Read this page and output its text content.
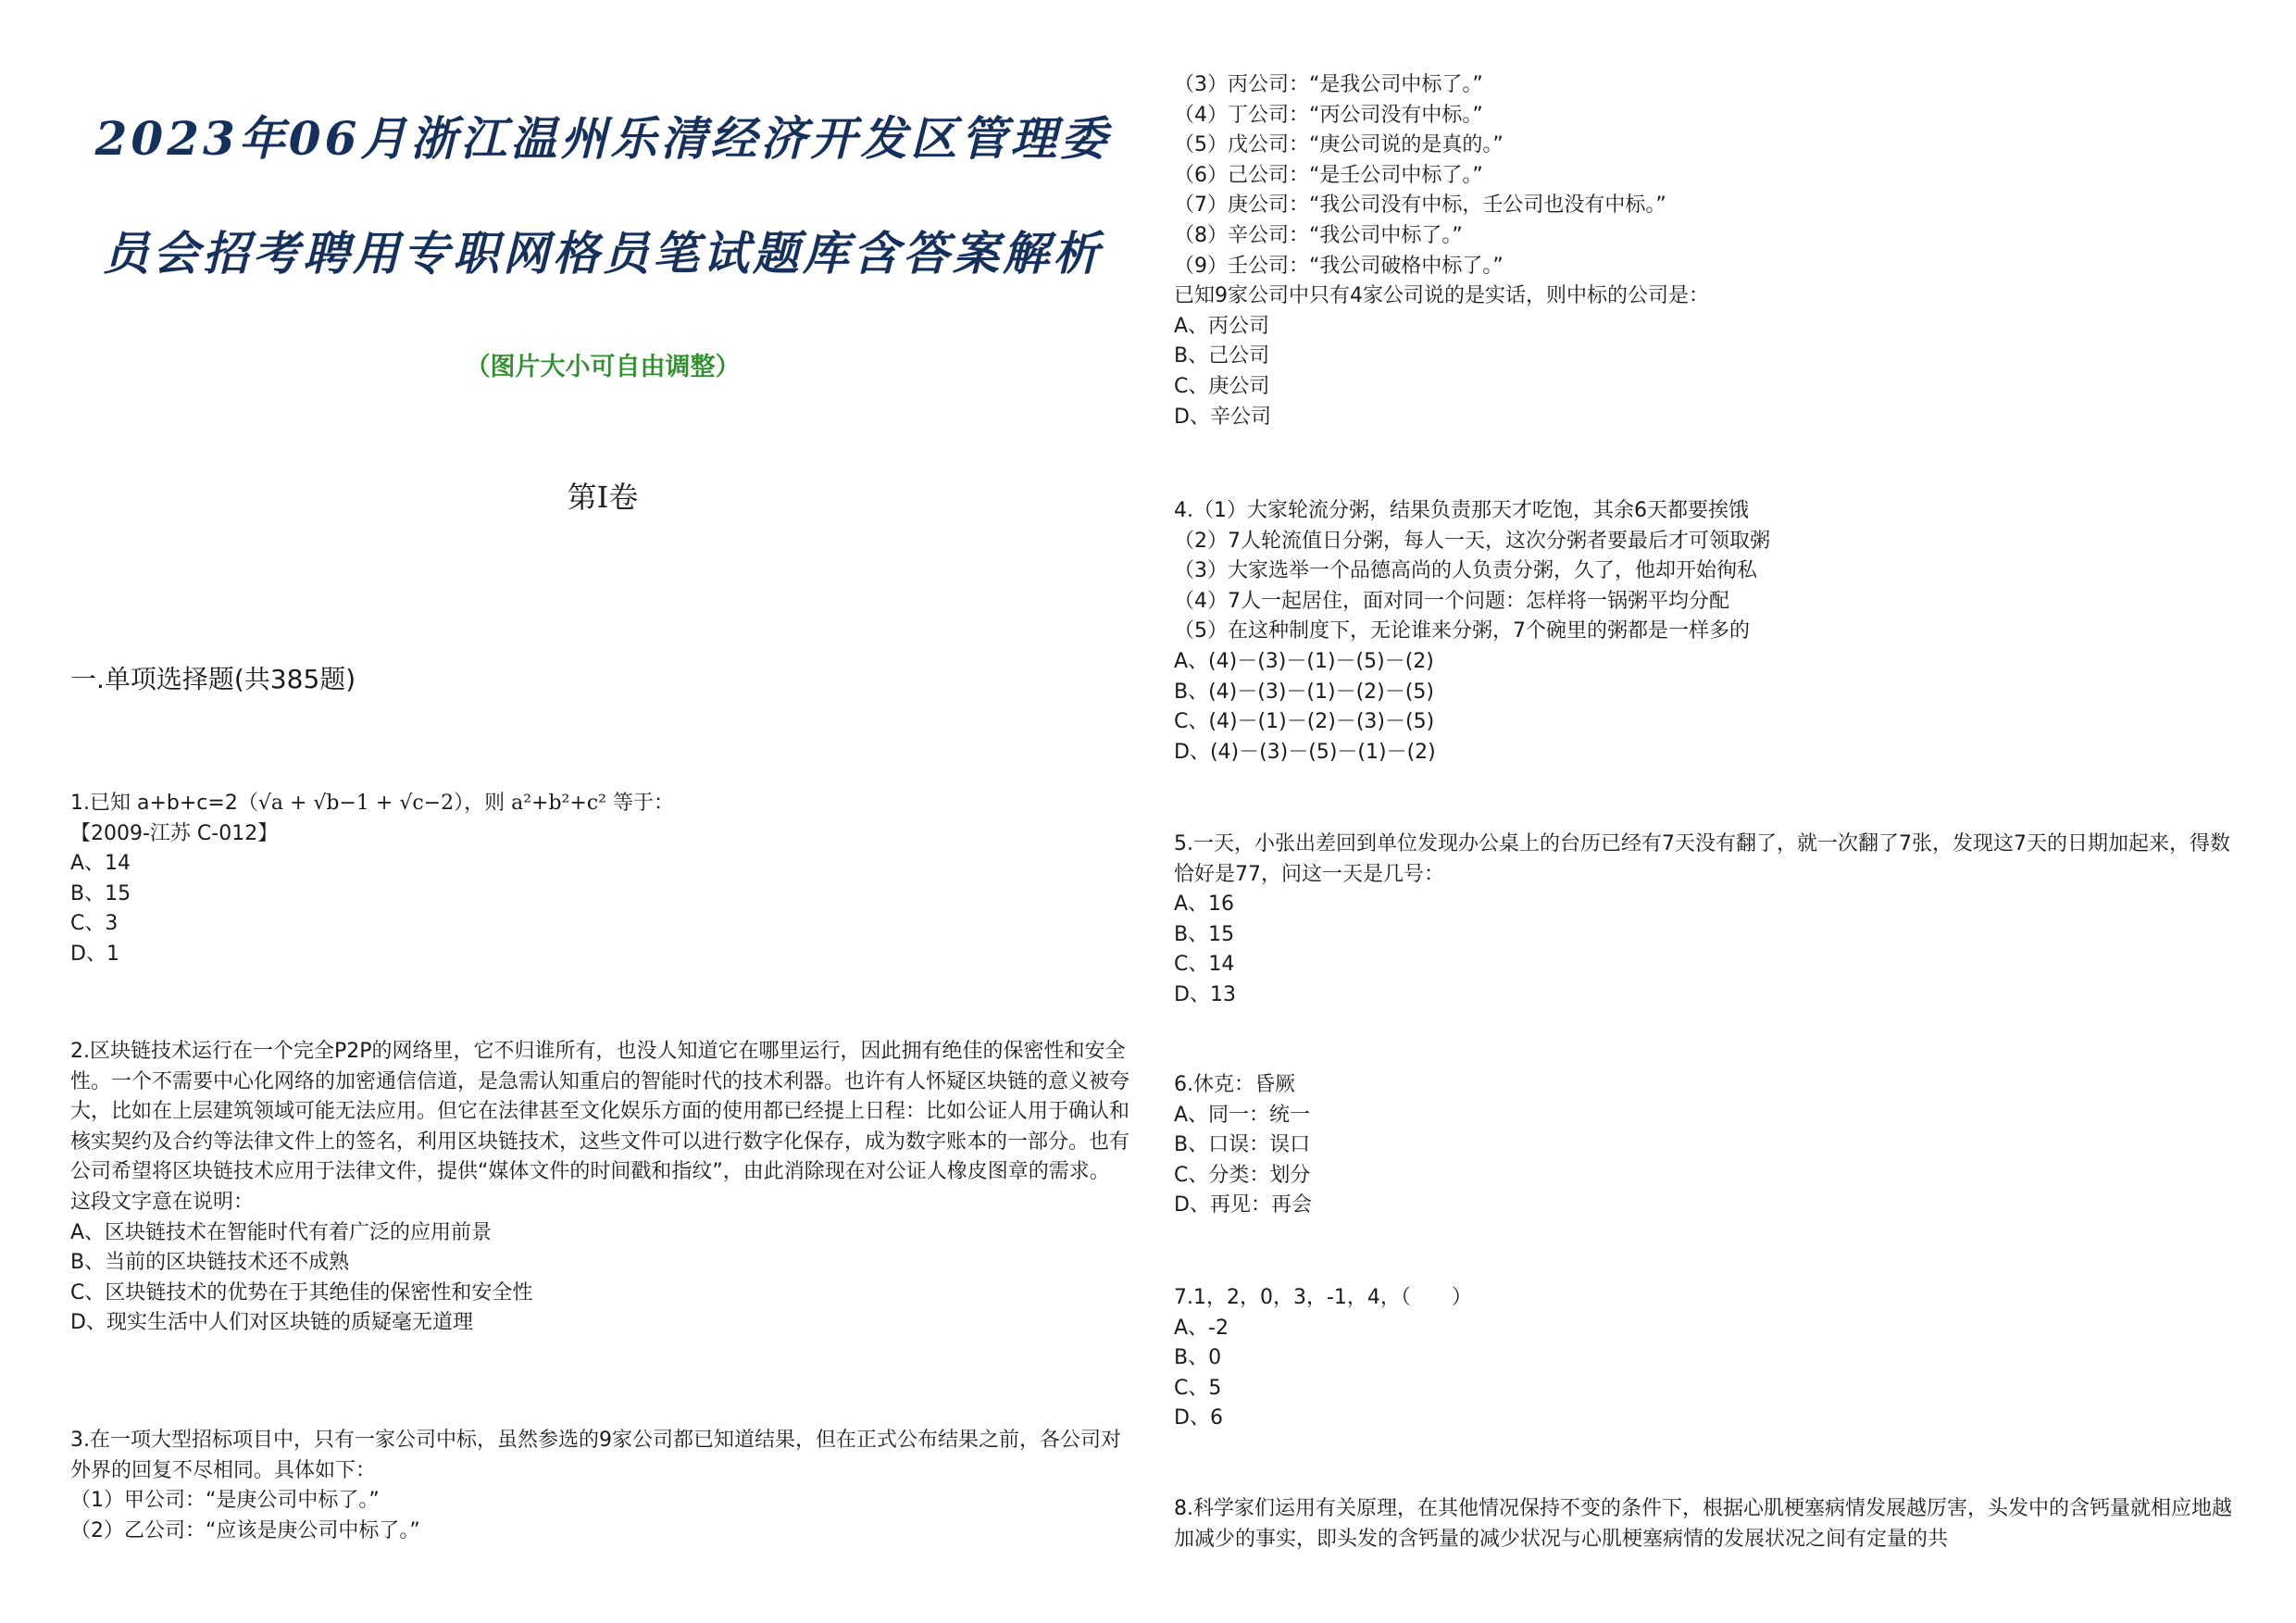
2023年06月浙江温州乐清经济开发区管理委员会招考聘用专职网格员笔试题库含答案解析
（图片大小可自由调整）
第Ⅰ卷
一.单项选择题(共385题)
1.已知 a+b+c=2（√a + √b−1 + √c−2），则 a²+b²+c² 等于：
【2009-江苏 C-012】
A、14
B、15
C、3
D、1
2.区块链技术运行在一个完全P2P的网络里，它不归谁所有，也没人知道它在哪里运行，因此拥有绝佳的保密性和安全性。一个不需要中心化网络的加密通信信道，是急需认知重启的智能时代的技术利器。也许有人怀疑区块链的意义被夸大，比如在上层建筑领域可能无法应用。但它在法律甚至文化娱乐方面的使用都已经提上日程：比如公证人用于确认和核实契约及合约等法律文件上的签名，利用区块链技术，这些文件可以进行数字化保存，成为数字账本的一部分。也有公司希望将区块链技术应用于法律文件，提供“媒体文件的时间戳和指纹”，由此消除现在对公证人橡皮图章的需求。
这段文字意在说明：
A、区块链技术在智能时代有着广泛的应用前景
B、当前的区块链技术还不成熟
C、区块链技术的优势在于其绝佳的保密性和安全性
D、现实生活中人们对区块链的质疑毫无道理
3.在一项大型招标项目中，只有一家公司中标，虽然参选的9家公司都已知道结果，但在正式公布结果之前，各公司对外界的回复不尽相同。具体如下：
（1）甲公司：“是庚公司中标了。”
（2）乙公司：“应该是庚公司中标了。”
（3）丙公司：“是我公司中标了。”
（4）丁公司：“丙公司没有中标。”
（5）戊公司：“庚公司说的是真的。”
（6）己公司：“是壬公司中标了。”
（7）庚公司：“我公司没有中标，壬公司也没有中标。”
（8）辛公司：“我公司中标了。”
（9）壬公司：“我公司破格中标了。”
已知9家公司中只有4家公司说的是实话，则中标的公司是：
A、丙公司
B、己公司
C、庚公司
D、辛公司
4.（1）大家轮流分粥，结果负责那天才吃饱，其余6天都要挨饿
（2）7人轮流值日分粥，每人一天，这次分粥者要最后才可领取粥
（3）大家选举一个品德高尚的人负责分粥，久了，他却开始徇私
（4）7人一起居住，面对同一个问题：怎样将一锅粥平均分配
（5）在这种制度下，无论谁来分粥，7个碗里的粥都是一样多的
A、(4)－(3)－(1)－(5)－(2)
B、(4)－(3)－(1)－(2)－(5)
C、(4)－(1)－(2)－(3)－(5)
D、(4)－(3)－(5)－(1)－(2)
5.一天，小张出差回到单位发现办公桌上的台历已经有7天没有翻了，就一次翻了7张，发现这7天的日期加起来，得数恰好是77，问这一天是几号：
A、16
B、15
C、14
D、13
6.休克：昏厥
A、同一：统一
B、口误：误口
C、分类：划分
D、再见：再会
7.1，2，0，3，-1，4，（　　）
A、-2
B、0
C、5
D、6
8.科学家们运用有关原理，在其他情况保持不变的条件下，根据心肌梗塞病情发展越厉害，头发中的含钙量就相应地越加减少的事实，即头发的含钙量的减少状况与心肌梗塞病情的发展状况之间有定量的共
